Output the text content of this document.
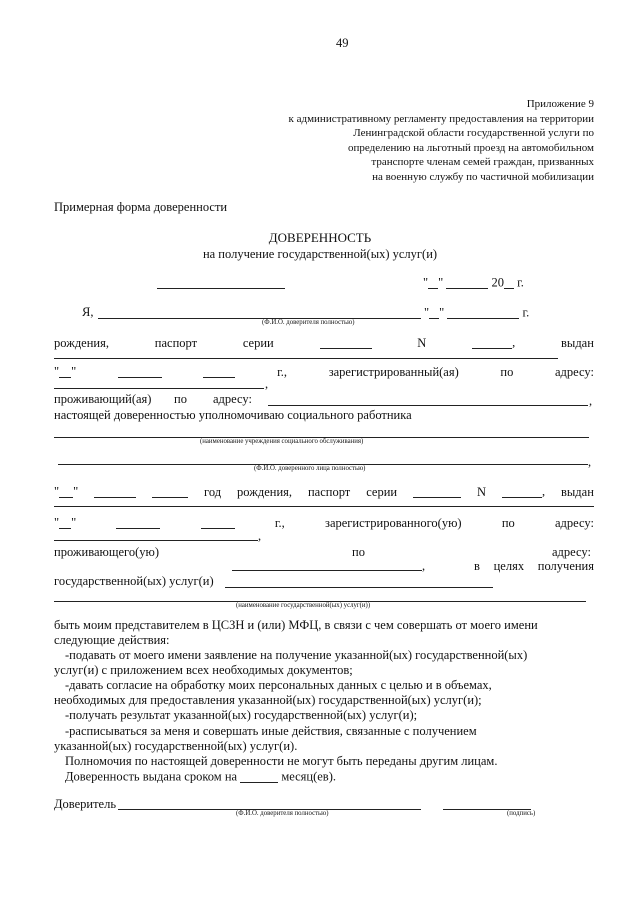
49
Приложение 9
к административному регламенту предоставления на территории
Ленинградской области государственной услуги по
определению на льготный проезд на автомобильном
транспорте членам семей граждан, призванных
на военную службу по частичной мобилизации
Примерная форма доверенности
ДОВЕРЕННОСТЬ
на получение государственной(ых) услуг(и)
" "	20 г.
Я,	" "	г.
(Ф.И.О. доверителя полностью)
рождения,	паспорт	серии	N	,	выдан
" "	г.,	зарегистрированный(ая)	по	адресу:
,
проживающий(ая) по адресу:	,
настоящей доверенностью уполномочиваю социального работника
(наименование учреждения социального обслуживания)
,
(Ф.И.О. доверенного лица полностью)
" "	год рождения, паспорт серии	N	, выдан
" "	г.,	зарегистрированного(ую)	по	адресу:
,
проживающего(ую)	по	адресу:
,	в целях получения
государственной(ых) услуг(и)
(наименование государственной(ых) услуг(и))
быть моим представителем в ЦСЗН и (или) МФЦ, в связи с чем совершать от моего имени
следующие действия:
-подавать от моего имени заявление на получение указанной(ых) государственной(ых)
услуг(и) с приложением всех необходимых документов;
-давать согласие на обработку моих персональных данных с целью и в объемах,
необходимых для предоставления указанной(ых) государственной(ых) услуг(и);
-получать результат указанной(ых) государственной(ых) услуг(и);
-расписываться за меня и совершать иные действия, связанные с получением
указанной(ых) государственной(ых) услуг(и).
Полномочия по настоящей доверенности не могут быть переданы другим лицам.
Доверенность выдана сроком на	месяц(ев).
Доверитель
(Ф.И.О. доверителя полностью)	(подпись)
